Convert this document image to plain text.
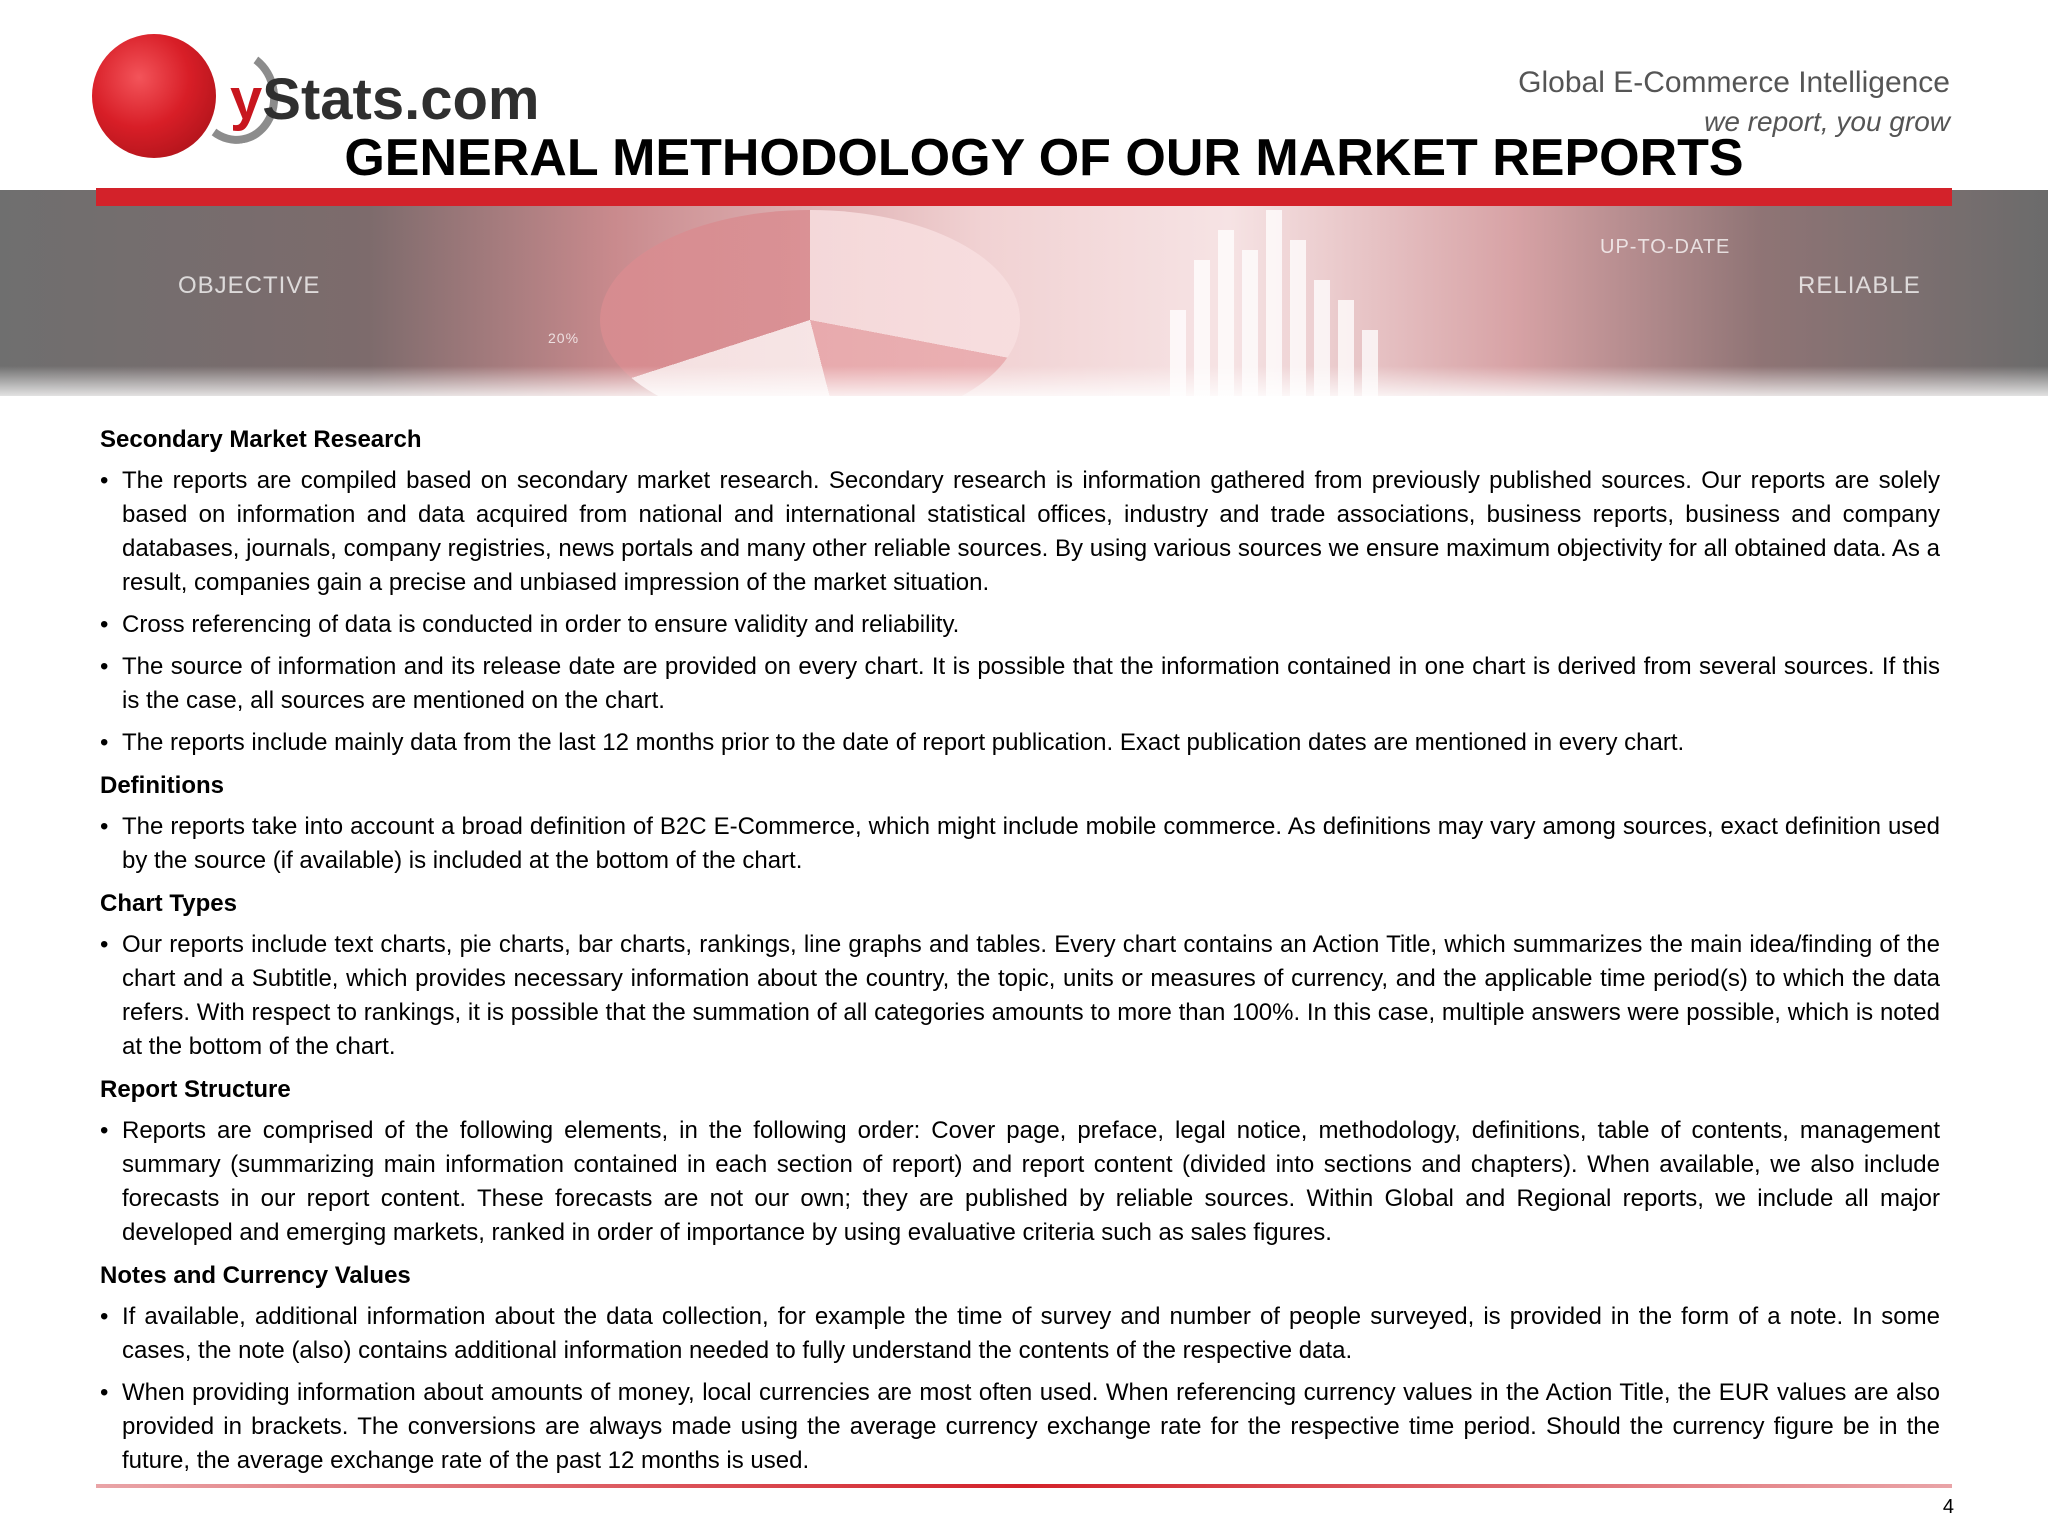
yStats.com	Global E-Commerce Intelligence
we report, you grow
OBJECTIVE
20%
UP-TO-DATE
RELIABLE
GENERAL METHODOLOGY OF OUR MARKET REPORTS
Secondary Market Research
• The reports are compiled based on secondary market research. Secondary research is information gathered from previously published sources. Our reports are solely based on information and data acquired from national and international statistical offices, industry and trade associations, business reports, business and company databases, journals, company registries, news portals and many other reliable sources. By using various sources we ensure maximum objectivity for all obtained data. As a result, companies gain a precise and unbiased impression of the market situation.
• Cross referencing of data is conducted in order to ensure validity and reliability.
• The source of information and its release date are provided on every chart. It is possible that the information contained in one chart is derived from several sources. If this is the case, all sources are mentioned on the chart.
• The reports include mainly data from the last 12 months prior to the date of report publication. Exact publication dates are mentioned in every chart.
Definitions
• The reports take into account a broad definition of B2C E-Commerce, which might include mobile commerce. As definitions may vary among sources, exact definition used by the source (if available) is included at the bottom of the chart.
Chart Types
• Our reports include text charts, pie charts, bar charts, rankings, line graphs and tables. Every chart contains an Action Title, which summarizes the main idea/finding of the chart and a Subtitle, which provides necessary information about the country, the topic, units or measures of currency, and the applicable time period(s) to which the data refers. With respect to rankings, it is possible that the summation of all categories amounts to more than 100%. In this case, multiple answers were possible, which is noted at the bottom of the chart.
Report Structure
• Reports are comprised of the following elements, in the following order: Cover page, preface, legal notice, methodology, definitions, table of contents, management summary (summarizing main information contained in each section of report) and report content (divided into sections and chapters). When available, we also include forecasts in our report content. These forecasts are not our own; they are published by reliable sources. Within Global and Regional reports, we include all major developed and emerging markets, ranked in order of importance by using evaluative criteria such as sales figures.
Notes and Currency Values
• If available, additional information about the data collection, for example the time of survey and number of people surveyed, is provided in the form of a note. In some cases, the note (also) contains additional information needed to fully understand the contents of the respective data.
• When providing information about amounts of money, local currencies are most often used. When referencing currency values in the Action Title, the EUR values are also provided in brackets. The conversions are always made using the average currency exchange rate for the respective time period. Should the currency figure be in the future, the average exchange rate of the past 12 months is used.
4
